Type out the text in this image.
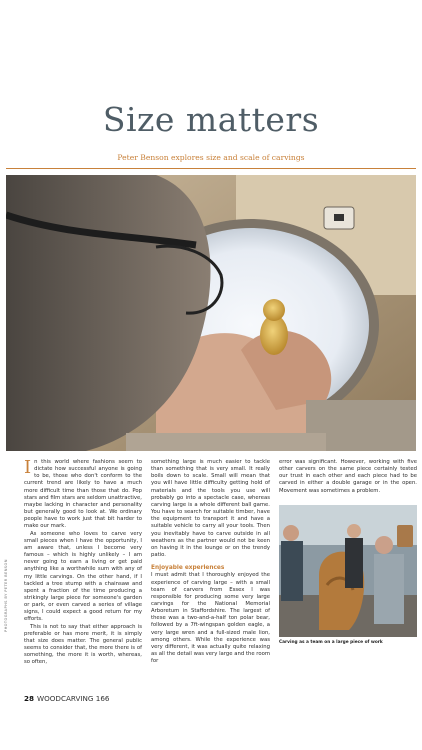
Size matters
Peter Benson explores size and scale of carvings
PHOTOGRAPHS BY PETER BENSON

In this world where fashions seem to dictate how successful anyone is going to be, those who don't conform to the current trend are likely to have a much more difficult time than those that do. Pop stars and film stars are seldom unattractive, maybe lacking in character and personality but generally good to look at. We ordinary people have to work just that bit harder to make our mark.

As someone who loves to carve very small pieces when I have the opportunity, I am aware that, unless I become very famous – which is highly unlikely – I am never going to earn a living or get paid anything like a worthwhile sum with any of my little carvings. On the other hand, if I tackled a tree stump with a chainsaw and spent a fraction of the time producing a strikingly large piece for someone's garden or park, or even carved a series of village signs, I could expect a good return for my efforts.

This is not to say that either approach is preferable or has more merit, it is simply that size does matter. The general public seems to consider that, the more there is of something, the more it is worth, whereas, so often,

something large is much easier to tackle than something that is very small. It really boils down to scale. Small will mean that you will have little difficulty getting hold of materials and the tools you use will probably go into a spectacle case, whereas carving large is a whole different ball game. You have to search for suitable timber, have the equipment to transport it and have a suitable vehicle to carry all your tools. Then you inevitably have to carve outside in all weathers as the partner would not be keen on having it in the lounge or on the trendy patio.

Enjoyable experiences

I must admit that I thoroughly enjoyed the experience of carving large – with a small team of carvers from Essex I was responsible for producing some very large carvings for the National Memorial Arboretum in Staffordshire. The largest of these was a two-and-a-half ton polar bear, followed by a 7ft-wingspan golden eagle, a very large wren and a full-sized male lion, among others. While the experience was very different, it was actually quite relaxing as all the detail was very large and the room for

error was significant. However, working with five other carvers on the same piece certainly tested our trust in each other and each piece had to be carved in either a double garage or in the open. Movement was sometimes a problem.

Carving as a team on a large piece of work
28 WOODCARVING 166
